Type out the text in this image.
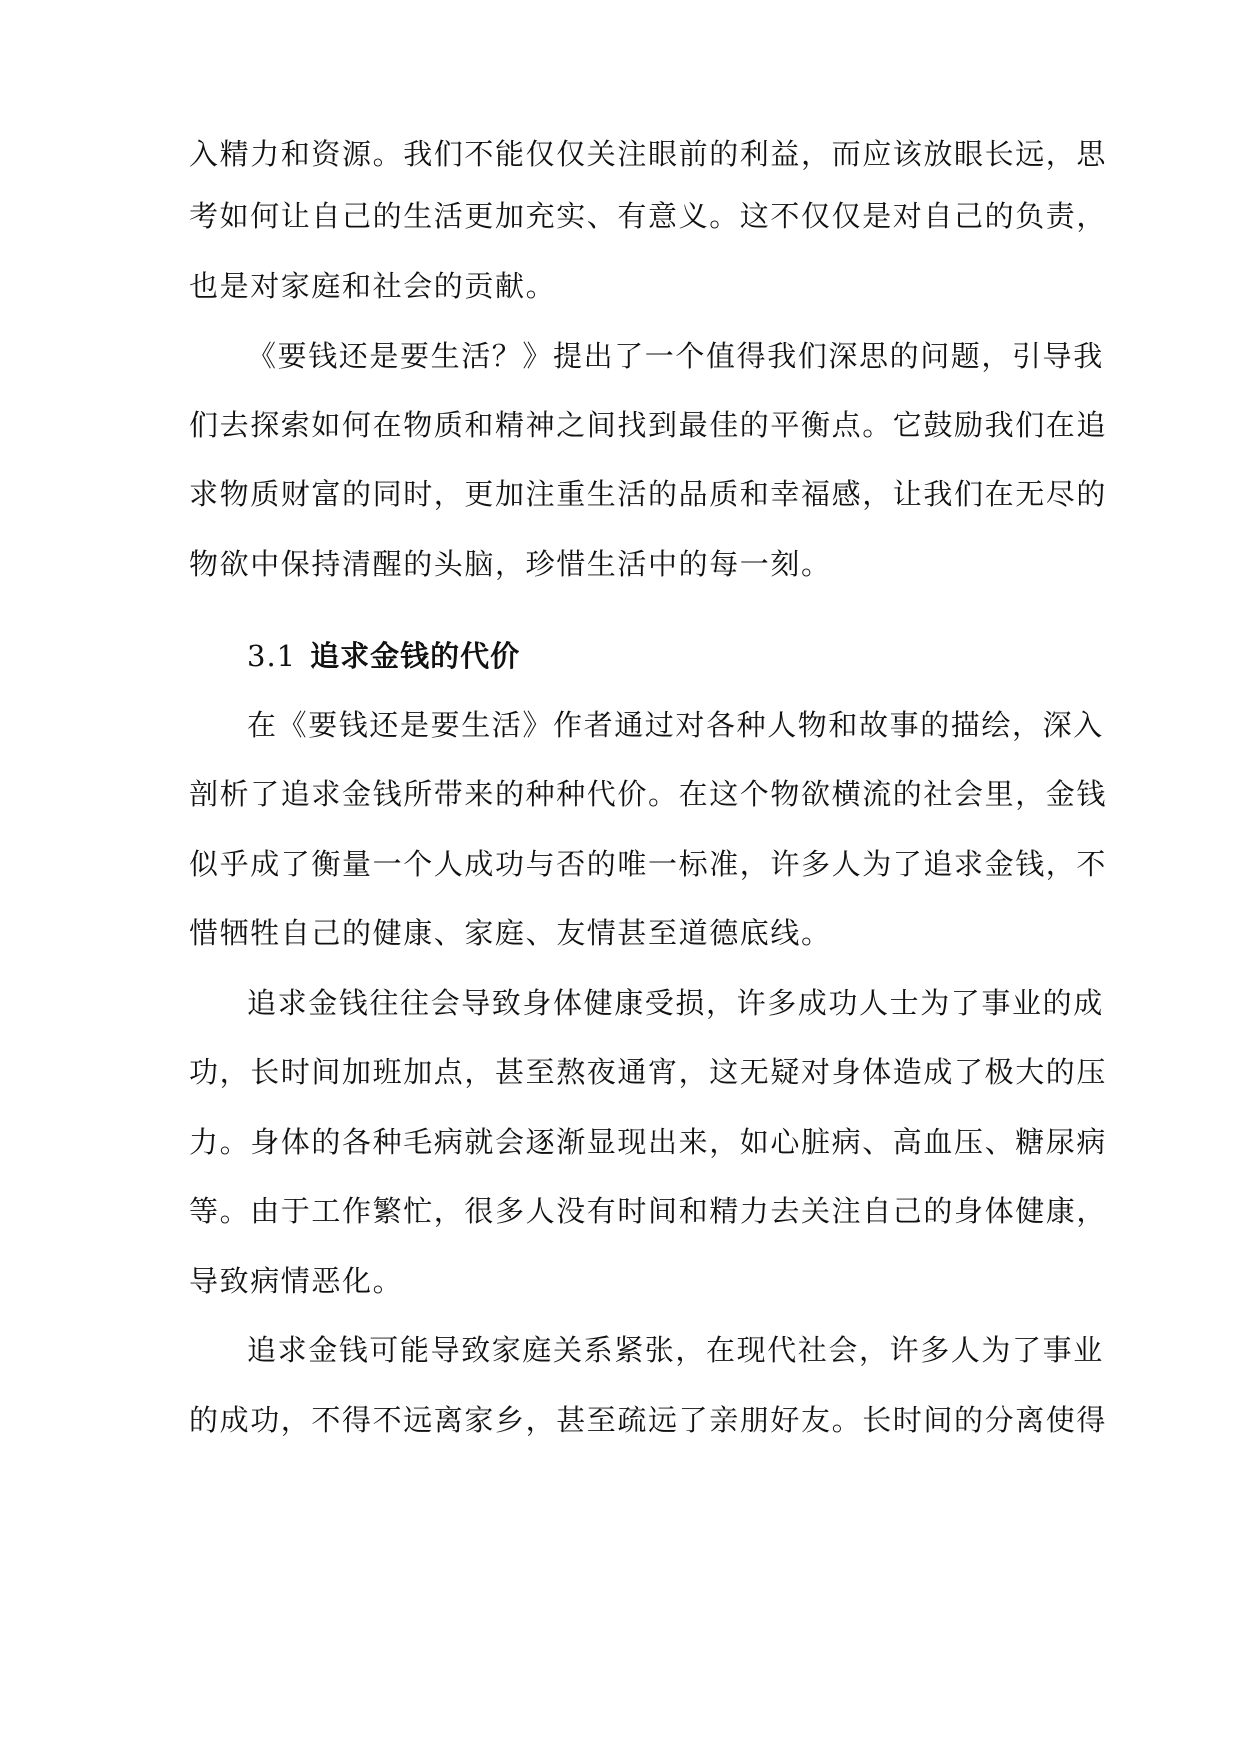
入精力和资源。我们不能仅仅关注眼前的利益，而应该放眼长远，思
考如何让自己的生活更加充实、有意义。这不仅仅是对自己的负责，
也是对家庭和社会的贡献。
《要钱还是要生活？》提出了一个值得我们深思的问题，引导我
们去探索如何在物质和精神之间找到最佳的平衡点。它鼓励我们在追
求物质财富的同时，更加注重生活的品质和幸福感，让我们在无尽的
物欲中保持清醒的头脑，珍惜生活中的每一刻。
3.1 追求金钱的代价
在《要钱还是要生活》作者通过对各种人物和故事的描绘，深入
剖析了追求金钱所带来的种种代价。在这个物欲横流的社会里，金钱
似乎成了衡量一个人成功与否的唯一标准，许多人为了追求金钱，不
惜牺牲自己的健康、家庭、友情甚至道德底线。
追求金钱往往会导致身体健康受损，许多成功人士为了事业的成
功，长时间加班加点，甚至熬夜通宵，这无疑对身体造成了极大的压
力。身体的各种毛病就会逐渐显现出来，如心脏病、高血压、糖尿病
等。由于工作繁忙，很多人没有时间和精力去关注自己的身体健康，
导致病情恶化。
追求金钱可能导致家庭关系紧张，在现代社会，许多人为了事业
的成功，不得不远离家乡，甚至疏远了亲朋好友。长时间的分离使得
